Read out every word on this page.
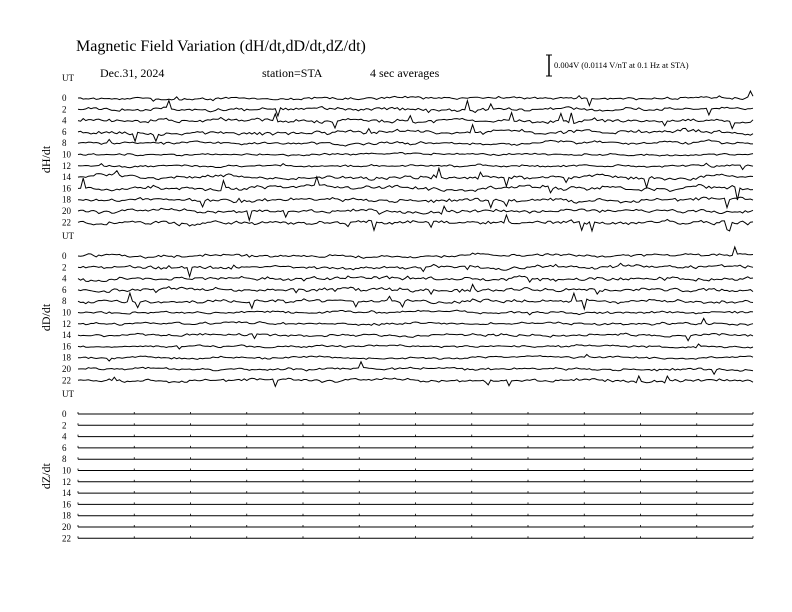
Magnetic Field Variation (dH/dt,dD/dt,dZ/dt)
Dec.31, 2024	station=STA	4 sec averages
0.004V (0.0114 V/nT at 0.1 Hz at STA)
UT
dH/dt
0
2
4
6
8
10
12
14
16
18
20
22
UT
dD/dt
0
2
4
6
8
10
12
14
16
18
20
22
UT
dZ/dt
0
2
4
6
8
10
12
14
16
18
20
22
